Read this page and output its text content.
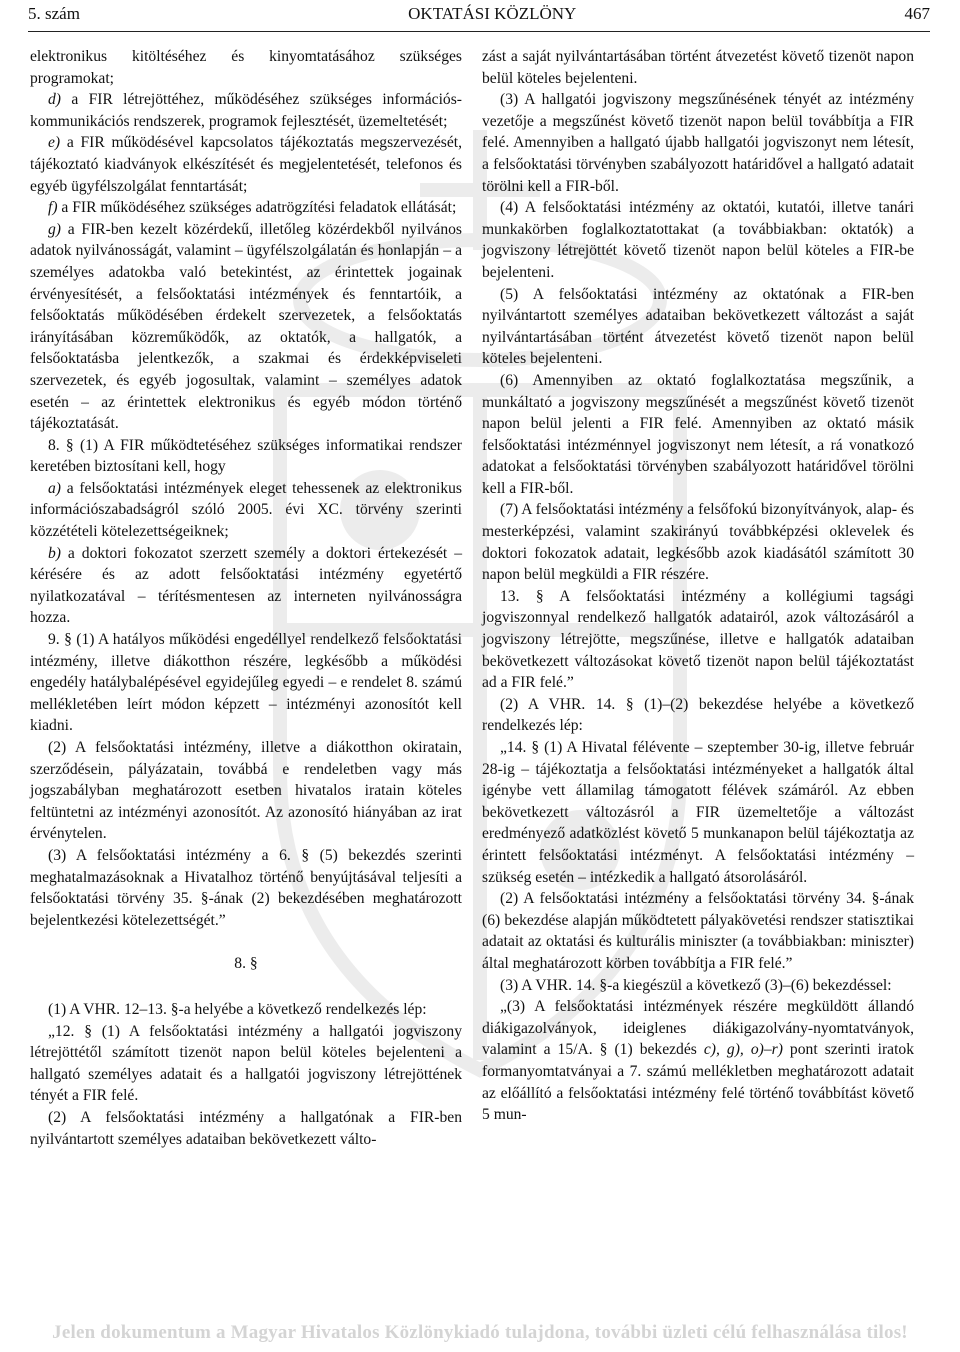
5. szám	OKTATÁSI KÖZLÖNY	467

elektronikus kitöltéséhez és kinyomtatásához szükséges programokat;

d) a FIR létrejöttéhez, működéséhez szükséges információs-kommunikációs rendszerek, programok fejlesztését, üzemeltetését;

e) a FIR működésével kapcsolatos tájékoztatás megszervezését, tájékoztató kiadványok elkészítését és megjelentetését, telefonos és egyéb ügyfélszolgálat fenntartását;

f) a FIR működéséhez szükséges adatrögzítési feladatok ellátását;

g) a FIR-ben kezelt közérdekű, illetőleg közérdekből nyilvános adatok nyilvánosságát, valamint – ügyfélszolgálatán és honlapján – a személyes adatokba való betekintést, az érintettek jogainak érvényesítését, a felsőoktatási intézmények és fenntartóik, a felsőoktatás működésében érdekelt szervezetek, a felsőoktatás irányításában közreműködők, az oktatók, a hallgatók, a felsőoktatásba jelentkezők, a szakmai és érdekképviseleti szervezetek, és egyéb jogosultak, valamint – személyes adatok esetén – az érintettek elektronikus és egyéb módon történő tájékoztatását.

8. § (1) A FIR működtetéséhez szükséges informatikai rendszer keretében biztosítani kell, hogy

a) a felsőoktatási intézmények eleget tehessenek az elektronikus információszabadságról szóló 2005. évi XC. törvény szerinti közzétételi kötelezettségeiknek;

b) a doktori fokozatot szerzett személy a doktori értekezését – kérésére és az adott felsőoktatási intézmény egyetértő nyilatkozatával – térítésmentesen az interneten nyilvánosságra hozza.

9. § (1) A hatályos működési engedéllyel rendelkező felsőoktatási intézmény, illetve diákotthon részére, legkésőbb a működési engedély hatálybalépésével egyidejűleg egyedi – e rendelet 8. számú mellékletében leírt módon képzett – intézményi azonosítót kell kiadni.

(2) A felsőoktatási intézmény, illetve a diákotthon okiratain, szerződésein, pályázatain, továbbá e rendeletben vagy más jogszabályban meghatározott esetben hivatalos iratain köteles feltüntetni az intézményi azonosítót. Az azonosító hiányában az irat érvénytelen.

(3) A felsőoktatási intézmény a 6. § (5) bekezdés szerinti meghatalmazásoknak a Hivatalhoz történő benyújtásával teljesíti a felsőoktatási törvény 35. §-ának (2) bekezdésében meghatározott bejelentkezési kötelezettségét.”

8. §

(1) A VHR. 12–13. §-a helyébe a következő rendelkezés lép:

„12. § (1) A felsőoktatási intézmény a hallgatói jogviszony létrejöttétől számított tizenöt napon belül köteles bejelenteni a hallgató személyes adatait és a hallgatói jogviszony létrejöttének tényét a FIR felé.

(2) A felsőoktatási intézmény a hallgatónak a FIR-ben nyilvántartott személyes adataiban bekövetkezett válto-

zást a saját nyilvántartásában történt átvezetést követő tizenöt napon belül köteles bejelenteni.

(3) A hallgatói jogviszony megszűnésének tényét az intézmény vezetője a megszűnést követő tizenöt napon belül továbbítja a FIR felé. Amennyiben a hallgató újabb hallgatói jogviszonyt nem létesít, a felsőoktatási törvényben szabályozott határidővel a hallgató adatait törölni kell a FIR-ből.

(4) A felsőoktatási intézmény az oktatói, kutatói, illetve tanári munkakörben foglalkoztatottakat (a továbbiakban: oktatók) a jogviszony létrejöttét követő tizenöt napon belül köteles a FIR-be bejelenteni.

(5) A felsőoktatási intézmény az oktatónak a FIR-ben nyilvántartott személyes adataiban bekövetkezett változást a saját nyilvántartásában történt átvezetést követő tizenöt napon belül köteles bejelenteni.

(6) Amennyiben az oktató foglalkoztatása megszűnik, a munkáltató a jogviszony megszűnését a megszűnést követő tizenöt napon belül jelenti a FIR felé. Amennyiben az oktató másik felsőoktatási intézménnyel jogviszonyt nem létesít, a rá vonatkozó adatokat a felsőoktatási törvényben szabályozott határidővel törölni kell a FIR-ből.

(7) A felsőoktatási intézmény a felsőfokú bizonyítványok, alap- és mesterképzési, valamint szakirányú továbbképzési oklevelek és doktori fokozatok adatait, legkésőbb azok kiadásától számított 30 napon belül megküldi a FIR részére.

13. § A felsőoktatási intézmény a kollégiumi tagsági jogviszonnyal rendelkező hallgatók adatairól, azok változásáról a jogviszony létrejötte, megszűnése, illetve e hallgatók adataiban bekövetkezett változásokat követő tizenöt napon belül tájékoztatást ad a FIR felé.”

(2) A VHR. 14. § (1)–(2) bekezdése helyébe a következő rendelkezés lép:

„14. § (1) A Hivatal félévente – szeptember 30-ig, illetve február 28-ig – tájékoztatja a felsőoktatási intézményeket a hallgatók által igénybe vett államilag támogatott félévek számáról. Az ebben bekövetkezett változásról a FIR üzemeltetője a változást eredményező adatközlést követő 5 munkanapon belül tájékoztatja az érintett felsőoktatási intézményt. A felsőoktatási intézmény – szükség esetén – intézkedik a hallgató átsorolásáról.

(2) A felsőoktatási intézmény a felsőoktatási törvény 34. §-ának (6) bekezdése alapján működtetett pályakövetési rendszer statisztikai adatait az oktatási és kulturális miniszter (a továbbiakban: miniszter) által meghatározott körben továbbítja a FIR felé.”

(3) A VHR. 14. §-a kiegészül a következő (3)–(6) bekezdéssel:

„(3) A felsőoktatási intézmények részére megküldött állandó diákigazolványok, ideiglenes diákigazolvány-nyomtatványok, valamint a 15/A. § (1) bekezdés c), g), o)–r) pont szerinti iratok formanyomtatványai a 7. számú mellékletben meghatározott adatait az előállító a felsőoktatási intézmény felé történő továbbítást követő 5 mun-

Jelen dokumentum a Magyar Hivatalos Közlönykiadó tulajdona, további üzleti célú felhasználása tilos!
